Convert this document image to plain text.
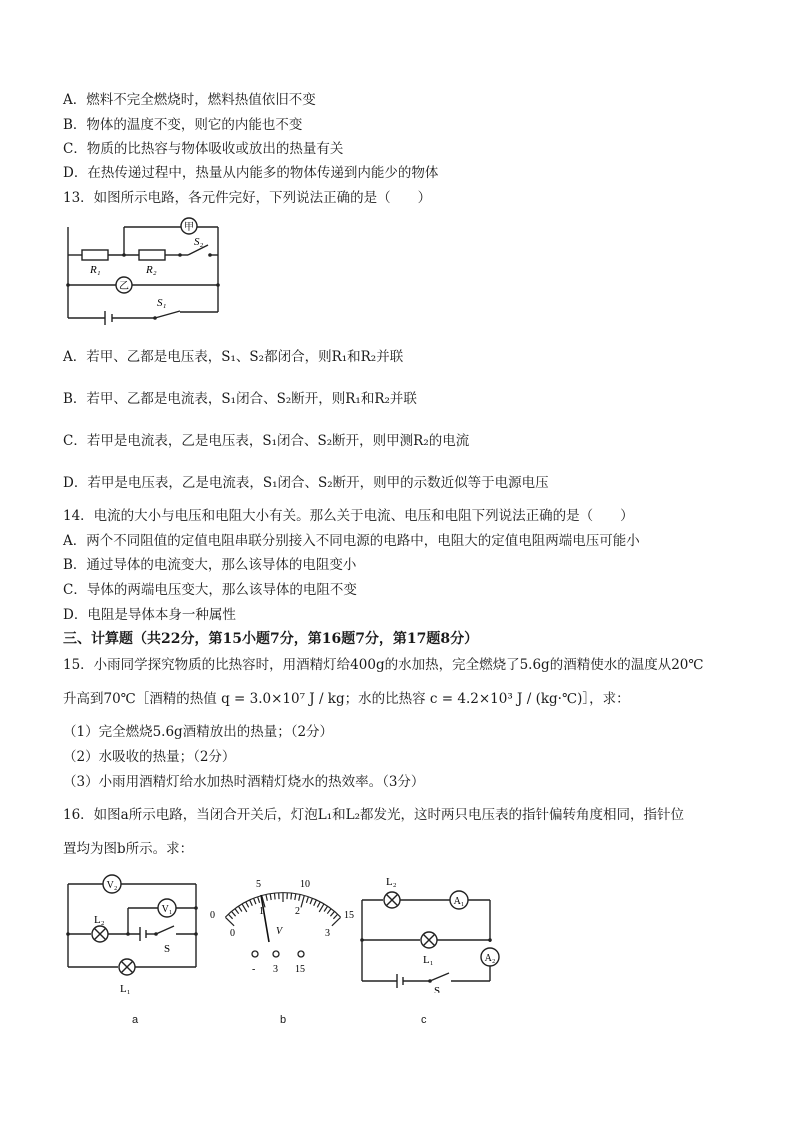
A．燃料不完全燃烧时，燃料热值依旧不变
B．物体的温度不变，则它的内能也不变
C．物质的比热容与物体吸收或放出的热量有关
D．在热传递过程中，热量从内能多的物体传递到内能少的物体
13．如图所示电路，各元件完好，下列说法正确的是（　　）
甲
乙
R₁	R₂
S₂
S₁
A．若甲、乙都是电压表，S₁、S₂都闭合，则R₁和R₂并联
B．若甲、乙都是电流表，S₁闭合、S₂断开，则R₁和R₂并联
C．若甲是电流表，乙是电压表，S₁闭合、S₂断开，则甲测R₂的电流
D．若甲是电压表，乙是电流表，S₁闭合、S₂断开，则甲的示数近似等于电源电压
14．电流的大小与电压和电阻大小有关。那么关于电流、电压和电阻下列说法正确的是（　　）
A．两个不同阻值的定值电阻串联分别接入不同电源的电路中，电阻大的定值电阻两端电压可能小
B．通过导体的电流变大，那么该导体的电阻变小
C．导体的两端电压变大，那么该导体的电阻不变
D．电阻是导体本身一种属性
三、计算题（共22分，第15小题7分，第16题7分，第17题8分）
15．小雨同学探究物质的比热容时，用酒精灯给400g的水加热，完全燃烧了5.6g的酒精使水的温度从20℃
升高到70℃［酒精的热值 q = 3.0×10⁷ J / kg；水的比热容 c = 4.2×10³ J / (kg·℃)］，求：
（1）完全燃烧5.6g酒精放出的热量；（2分）
（2）水吸收的热量；（2分）
（3）小雨用酒精灯给水加热时酒精灯烧水的热效率。（3分）
16．如图a所示电路，当闭合开关后，灯泡L₁和L₂都发光，这时两只电压表的指针偏转角度相同，指针位
置均为图b所示。求：
V₂
V₁
L₂
S
L₁
a
0
5	10
15
0
1	2
3
V
- 3 15
b
L₂
A₁
L₁	A₂
S
c
